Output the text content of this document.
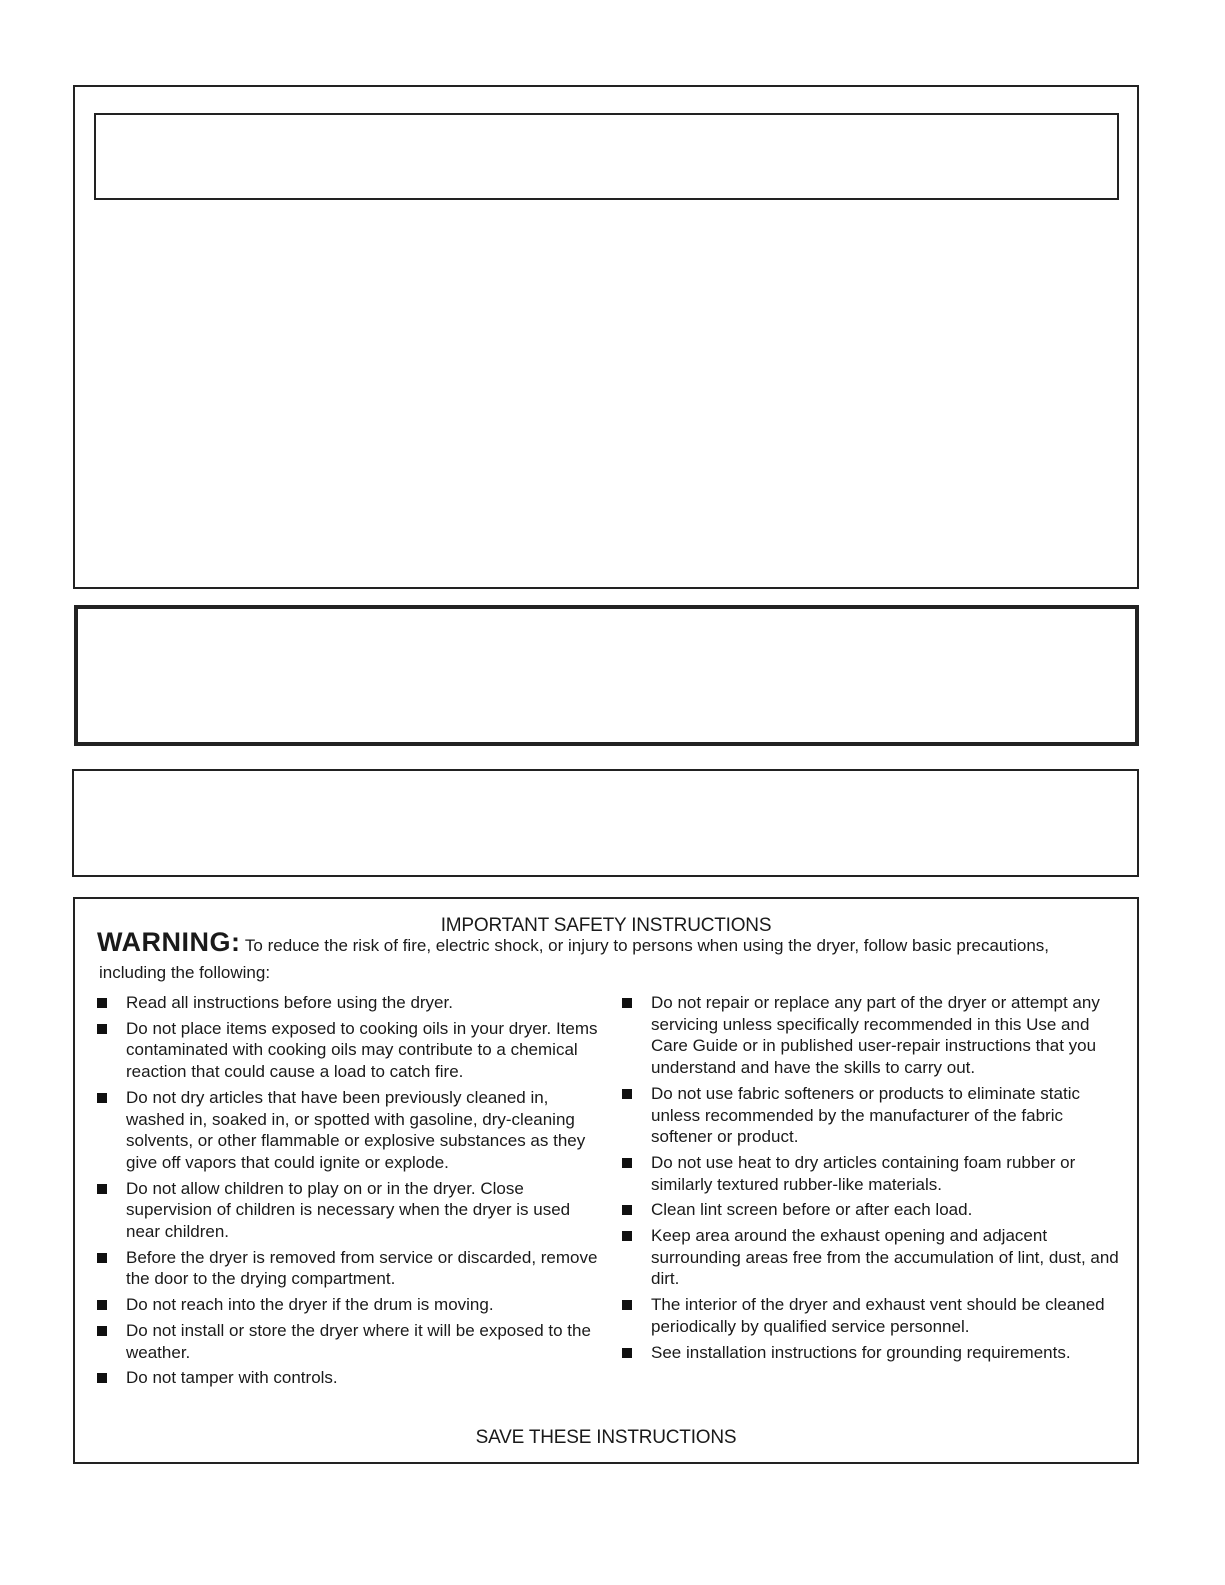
IMPORTANT SAFETY INSTRUCTIONS
WARNING: To reduce the risk of fire, electric shock, or injury to persons when using the dryer, follow basic precautions,
including the following:
Read all instructions before using the dryer.
Do not place items exposed to cooking oils in your dryer. Items contaminated with cooking oils may contribute to a chemical reaction that could cause a load to catch fire.
Do not dry articles that have been previously cleaned in, washed in, soaked in, or spotted with gasoline, dry-cleaning solvents, or other flammable or explosive substances as they give off vapors that could ignite or explode.
Do not allow children to play on or in the dryer. Close supervision of children is necessary when the dryer is used near children.
Before the dryer is removed from service or discarded, remove the door to the drying compartment.
Do not reach into the dryer if the drum is moving.
Do not install or store the dryer where it will be exposed to the weather.
Do not tamper with controls.
Do not repair or replace any part of the dryer or attempt any servicing unless specifically recommended in this Use and Care Guide or in published user-repair instructions that you understand and have the skills to carry out.
Do not use fabric softeners or products to eliminate static unless recommended by the manufacturer of the fabric softener or product.
Do not use heat to dry articles containing foam rubber or similarly textured rubber-like materials.
Clean lint screen before or after each load.
Keep area around the exhaust opening and adjacent surrounding areas free from the accumulation of lint, dust, and dirt.
The interior of the dryer and exhaust vent should be cleaned periodically by qualified service personnel.
See installation instructions for grounding requirements.
SAVE THESE INSTRUCTIONS
